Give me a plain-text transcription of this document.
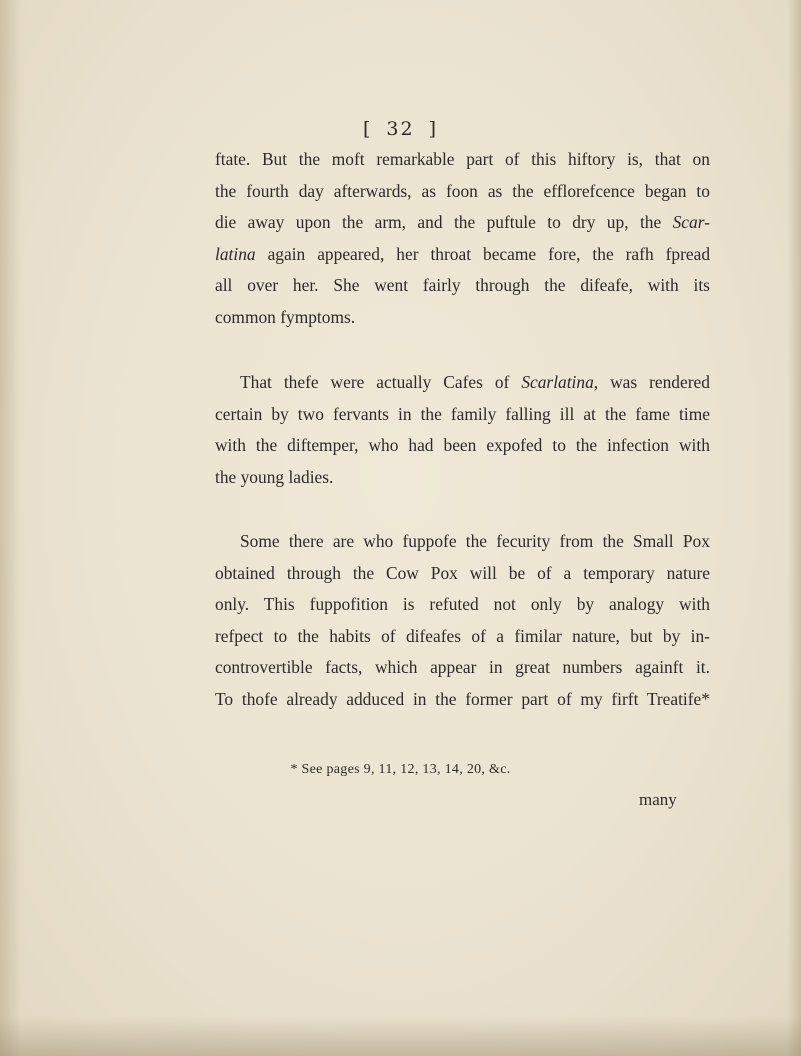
[ 32 ]
ftate. But the moft remarkable part of this hiftory is, that on
the fourth day afterwards, as foon as the efflorefcence began to
die away upon the arm, and the puftule to dry up, the Scar-
latina again appeared, her throat became fore, the rafh fpread
all over her. She went fairly through the difeafe, with its
common fymptoms.
That thefe were actually Cafes of Scarlatina, was rendered
certain by two fervants in the family falling ill at the fame time
with the diftemper, who had been expofed to the infection with
the young ladies.
Some there are who fuppofe the fecurity from the Small Pox
obtained through the Cow Pox will be of a temporary nature
only. This fuppofition is refuted not only by analogy with
refpect to the habits of difeafes of a fimilar nature, but by in-
controvertible facts, which appear in great numbers againft it.
To thofe already adduced in the former part of my firft Treatife*
* See pages 9, 11, 12, 13, 14, 20, &c.
many
